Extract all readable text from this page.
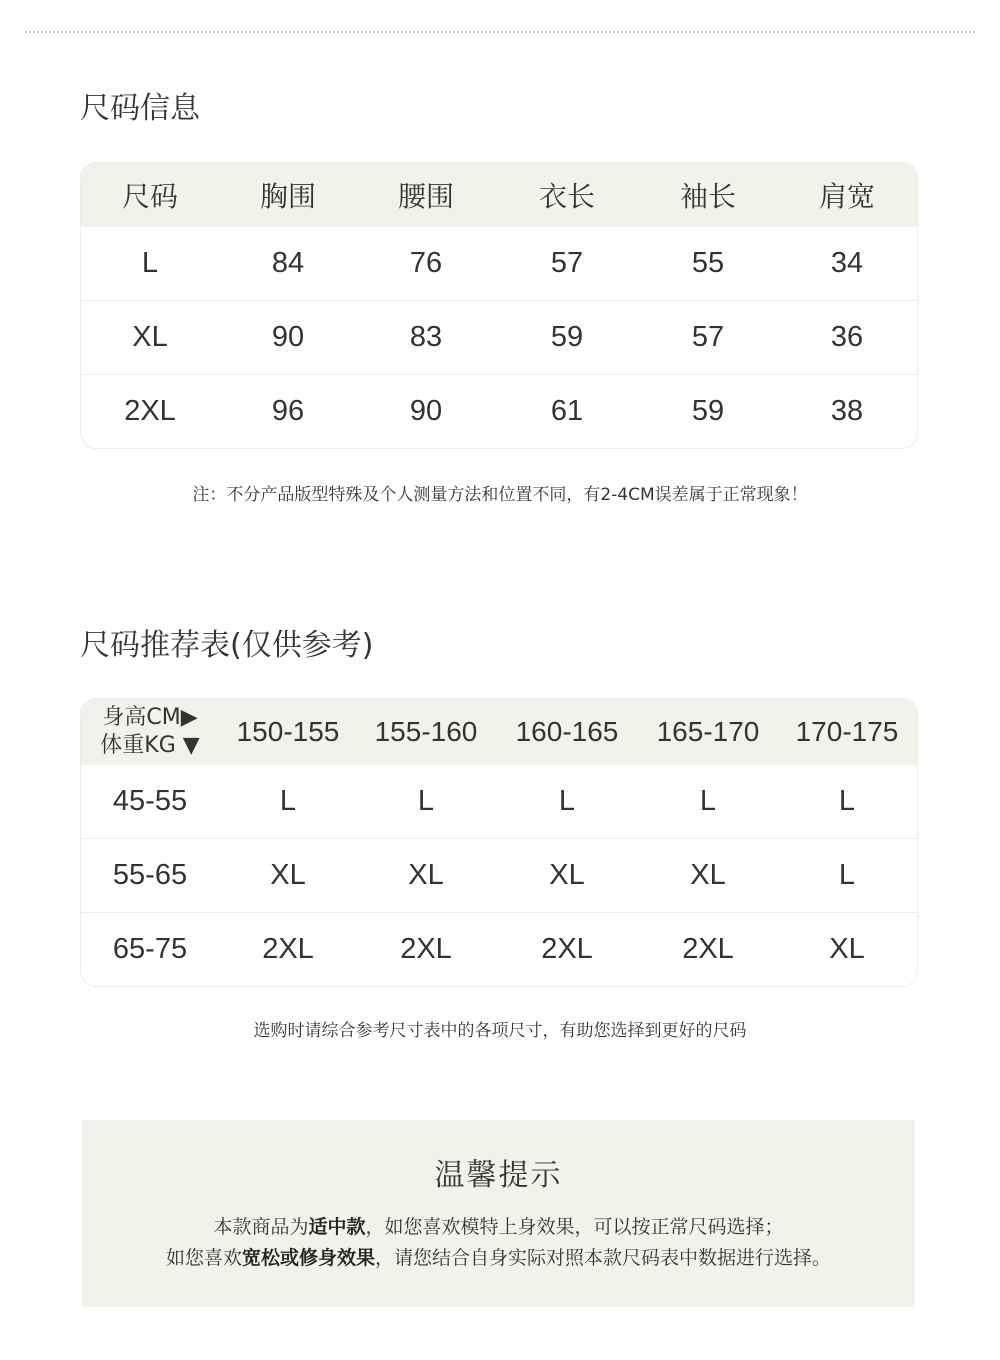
尺码信息
尺码	胸围	腰围	衣长	袖长	肩宽
L	84	76	57	55	34
XL	90	83	59	57	36
2XL	96	90	61	59	38
注：不分产品版型特殊及个人测量方法和位置不同，有2-4CM误差属于正常现象！
尺码推荐表(仅供参考)
身高CM▶
体重KG ▼	150-155	155-160	160-165	165-170	170-175
45-55	L	L	L	L	L
55-65	XL	XL	XL	XL	L
65-75	2XL	2XL	2XL	2XL	XL
选购时请综合参考尺寸表中的各项尺寸，有助您选择到更好的尺码
温馨提示
本款商品为适中款，如您喜欢模特上身效果，可以按正常尺码选择；
如您喜欢宽松或修身效果，请您结合自身实际对照本款尺码表中数据进行选择。
